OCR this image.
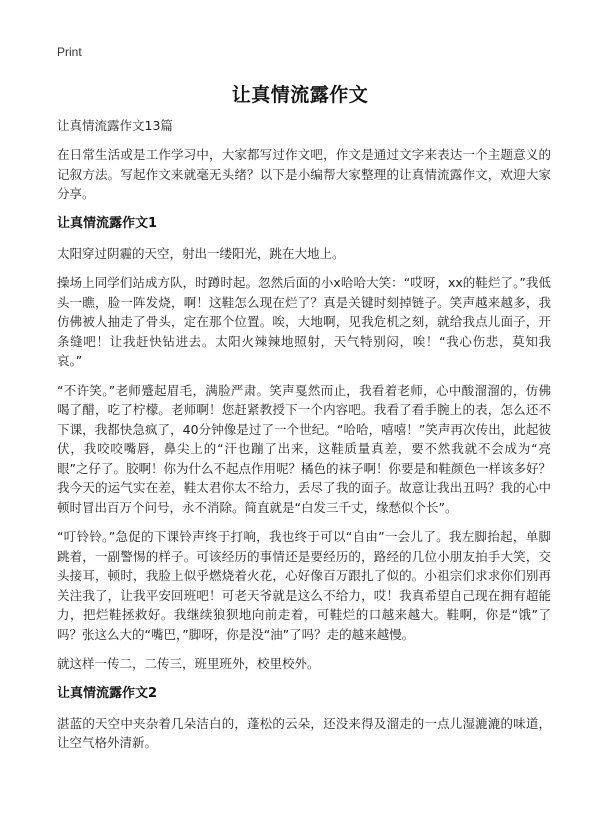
Print
让真情流露作文
让真情流露作文13篇

在日常生活或是工作学习中，大家都写过作文吧，作文是通过文字来表达一个主题意义的记叙方法。写起作文来就毫无头绪？以下是小编帮大家整理的让真情流露作文，欢迎大家分享。

让真情流露作文1

太阳穿过阴霾的天空，射出一缕阳光，跳在大地上。

操场上同学们站成方队，时蹲时起。忽然后面的小x哈哈大笑：“哎呀，xx的鞋烂了。”我低头一瞧，脸一阵发烧，啊！这鞋怎么现在烂了？真是关键时刻掉链子。笑声越来越多，我仿佛被人抽走了骨头，定在那个位置。唉，大地啊，见我危机之刻，就给我点儿面子，开条缝吧！让我赶快钻进去。太阳火辣辣地照射，天气特别闷，唉！“我心伤悲，莫知我哀。”

“不许笑。”老师蹙起眉毛，满脸严肃。笑声戛然而止，我看着老师，心中酸溜溜的，仿佛喝了醋，吃了柠檬。老师啊！您赶紧教授下一个内容吧。我看了看手腕上的表，怎么还不下课，我都快急疯了，40分钟像是过了一个世纪。“哈哈，嘻嘻！”笑声再次传出，此起彼伏，我咬咬嘴唇，鼻尖上的“汗也蹦了出来，这鞋质量真差，要不然我就不会成为“亮眼”之仔了。胶啊！你为什么不起点作用呢？橘色的袜子啊！你要是和鞋颜色一样该多好？我今天的运气实在差，鞋太君你太不给力，丢尽了我的面子。故意让我出丑吗？我的心中顿时冒出百万个问号，永不消除。简直就是“白发三千丈，缘愁似个长”。

“叮铃铃。”急促的下课铃声终于打响，我也终于可以“自由”一会儿了。我左脚抬起，单脚跳着，一副警惕的样子。可该经历的事情还是要经历的，路经的几位小朋友拍手大笑，交头接耳，顿时，我脸上似乎燃烧着火花，心好像百万跟扎了似的。小祖宗们求求你们别再关注我了，让我平安回班吧！可老天爷就是这么不给力，哎！我真希望自己现在拥有超能力，把烂鞋拯救好。我继续狼狈地向前走着，可鞋烂的口越来越大。鞋啊，你是“饿”了吗？张这么大的“嘴巴，”脚呀，你是没“油”了吗？走的越来越慢。

就这样一传二，二传三，班里班外，校里校外。

让真情流露作文2

湛蓝的天空中夹杂着几朵洁白的，蓬松的云朵，还没来得及溜走的一点儿湿漉漉的味道，让空气格外清新。
